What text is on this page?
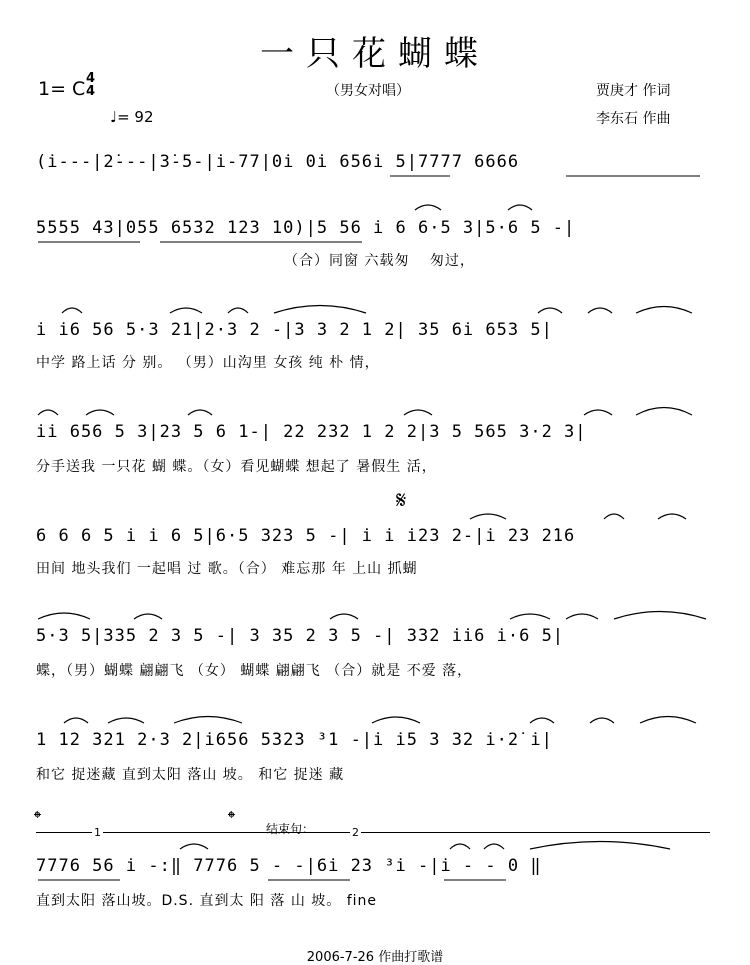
一只花蝴蝶
1= C 4
4
♩= 92
（男女对唱）	贾庚才 作词
李东石 作曲
(i̇---|2̇---|3̇-5-|i̇-77|0i̇ 0i̇ 656i̇ 5|7777 6666
5555 43|055 6532 123 10)|5 56 i̇ 6 6·5 3|5·6 5 -|
　　　　　　　　　　　　　　　　　（合）同窗 六载匆　 匆过，
i̇ i̇6 56 5·3 21|2·3 2 -|3 3 2 1 2| 35 6i̇ 653 5|
中学 路上话 分 别。 （男）山沟里 女孩 纯 朴 情，
i̇i̇ 656 5 3|23 5 6 1-| 22 232 1 2 2|3 5 565 3·2 3|
分手送我 一只花 蝴 蝶。（女）看见蝴蝶 想起了 暑假生 活，
𝄋
6 6 6 5 i̇ i̇ 6 5|6·5 323 5 -| i̇ i̇ i̇23 2-|i̇ 23 2̇16
田间 地头我们 一起唱 过 歌。（合） 难忘那 年 上山 抓蝴
5·3 5|335 2 3 5 -| 3 35 2 3 5 -| 332 i̇i̇6 i̇·6 5|
蝶，（男）蝴蝶 翩翩飞 （女） 蝴蝶 翩翩飞 （合）就是 不爱 落，
1 12 321 2·3 2|i̇656 5323 ³1 -|i̇ i̇5 3 32 i̇·2̇ i̇|
和它 捉迷藏 直到太阳 落山 坡。 和它 捉迷 藏
𝄌	𝄌	结束句：
1	2
7776 56 i̇ -:‖ 7776 5 - -|6i̇ 23 ³i̇ -|i̇ - - 0 ‖
直到太阳 落山坡。D.S. 直到太 阳 落 山 坡。 fine
2006-7-26 作曲打歌谱
